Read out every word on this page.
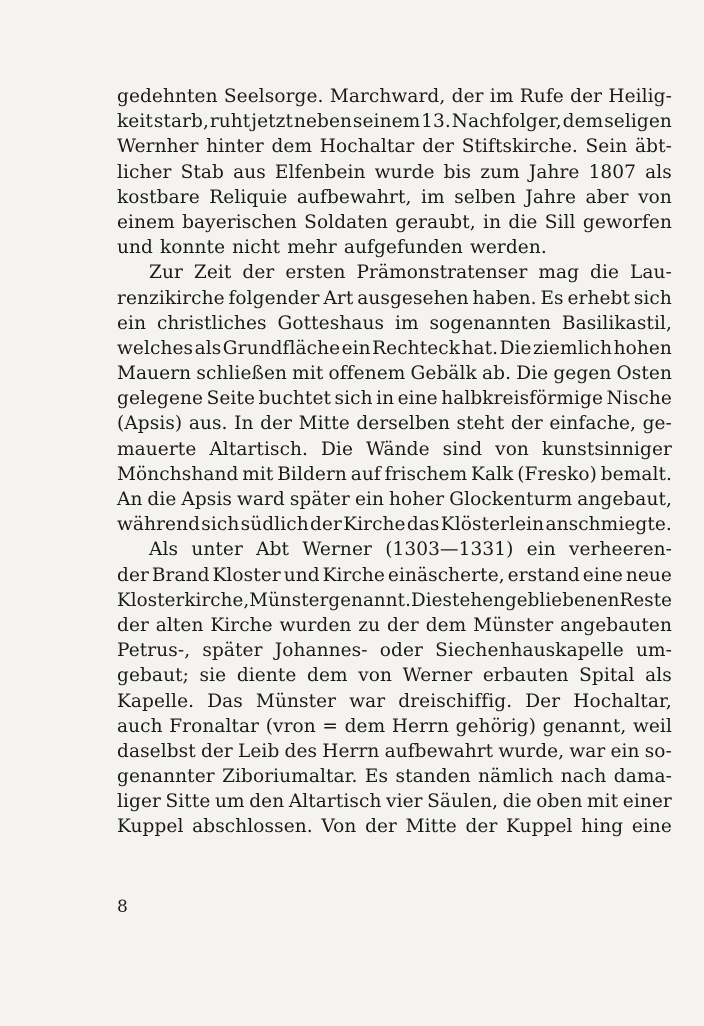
gedehnten Seelsorge. Marchward, der im Rufe der Heilig-
keit starb, ruht jetzt neben seinem 13. Nachfolger, dem seligen
Wernher hinter dem Hochaltar der Stiftskirche. Sein äbt-
licher Stab aus Elfenbein wurde bis zum Jahre 1807 als
kostbare Reliquie aufbewahrt, im selben Jahre aber von
einem bayerischen Soldaten geraubt, in die Sill geworfen
und konnte nicht mehr aufgefunden werden.
Zur Zeit der ersten Prämonstratenser mag die Lau-
renzikirche folgender Art ausgesehen haben. Es erhebt sich
ein christliches Gotteshaus im sogenannten Basilikastil,
welches als Grundfläche ein Rechteck hat. Die ziemlich hohen
Mauern schließen mit offenem Gebälk ab. Die gegen Osten
gelegene Seite buchtet sich in eine halbkreisförmige Nische
(Apsis) aus. In der Mitte derselben steht der einfache, ge-
mauerte Altartisch. Die Wände sind von kunstsinniger
Mönchshand mit Bildern auf frischem Kalk (Fresko) bemalt.
An die Apsis ward später ein hoher Glockenturm angebaut,
während sich südlich der Kirche das Klösterlein anschmiegte.
Als unter Abt Werner (1303—1331) ein verheeren-
der Brand Kloster und Kirche einäscherte, erstand eine neue
Klosterkirche, Münster genannt. Die stehengebliebenen Reste
der alten Kirche wurden zu der dem Münster angebauten
Petrus-, später Johannes- oder Siechenhauskapelle um-
gebaut; sie diente dem von Werner erbauten Spital als
Kapelle. Das Münster war dreischiffig. Der Hochaltar,
auch Fronaltar (vron = dem Herrn gehörig) genannt, weil
daselbst der Leib des Herrn aufbewahrt wurde, war ein so-
genannter Ziboriumaltar. Es standen nämlich nach dama-
liger Sitte um den Altartisch vier Säulen, die oben mit einer
Kuppel abschlossen. Von der Mitte der Kuppel hing eine
8
